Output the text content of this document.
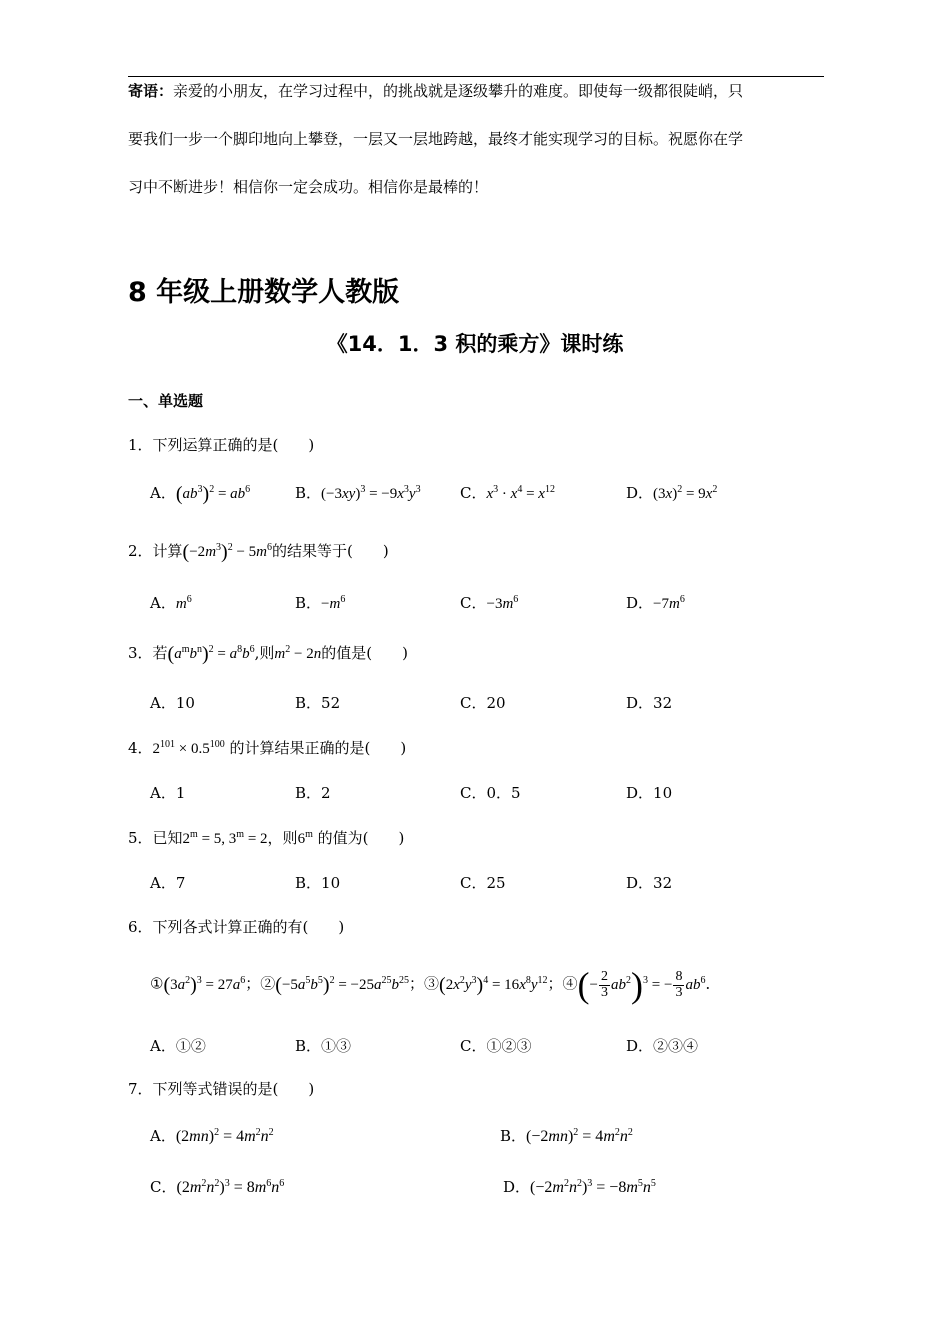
寄语：亲爱的小朋友，在学习过程中，的挑战就是逐级攀升的难度。即使每一级都很陡峭，只
要我们一步一个脚印地向上攀登，一层又一层地跨越，最终才能实现学习的目标。祝愿你在学
习中不断进步！相信你一定会成功。相信你是最棒的！
8 年级上册数学人教版
《14．1．3 积的乘方》课时练
一、单选题
1．下列运算正确的是(　　)
A．$(ab^3)^2 = ab^6$	B．$(-3xy)^3 = -9x^3y^3$	C．$x^3 \cdot x^4 = x^{12}$	D．$(3x)^2 = 9x^2$
2．计算$(-2m^3)^2 - 5m^6$的结果等于(　　)
A．$m^6$	B．$-m^6$	C．$-3m^6$	D．$-7m^6$
3．若$(a^mb^n)^2 = a^8b^6$,则$m^2 - 2n$的值是(　　)
A．10	B．52	C．20	D．32
4．$2^{101} \times 0.5^{100}$ 的计算结果正确的是(　　)
A．1	B．2	C．0．5	D．10
5．已知$2^m = 5$, $3^m = 2$，则6$^m$ 的值为(　　)
A．7	B．10	C．25	D．32
6．下列各式计算正确的有(　　)
$①(3a^2)^3 = 27a^6$；$②(-5a^5b^5)^2 = -25a^{25}b^{25}$；$③(2x^2y^3)^4 = 16x^8y^{12}$；④(− $\frac{2}{3} ab^2)^3$ = − $\frac{8}{3} ab^6$．
A．①②	B．①③	C．①②③	D．②③④
7．下列等式错误的是(　　)
A．$(2mn)^2 = 4m^2n^2$	B．$(-2mn)^2 = 4m^2n^2$
C．$(2m^2n^2)^3 = 8m^6n^6$	D．$(-2m^2n^2)^3 = -8m^5n^5$
